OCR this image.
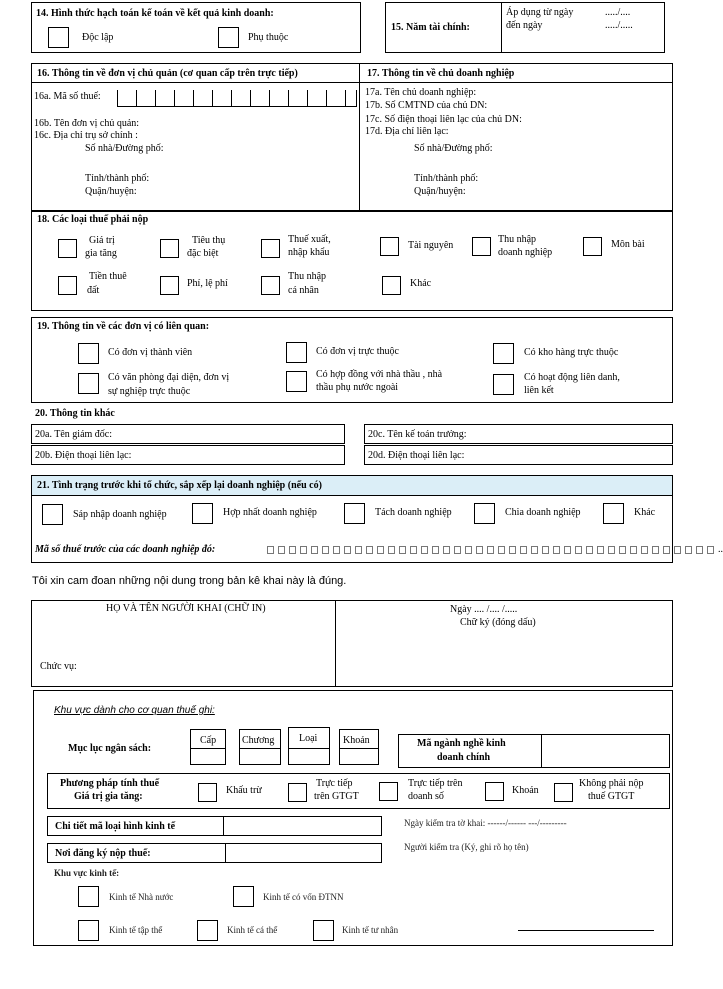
14. Hình thức hạch toán kế toán về kết quả kinh doanh:
Độc lập	Phụ thuộc
15. Năm tài chính:
Áp dụng từ ngày	...../....
đến ngày	...../.....
16. Thông tin về đơn vị chủ quản (cơ quan cấp trên trực tiếp)	17. Thông tin về chủ doanh nghiệp
16a. Mã số thuế:
16b. Tên đơn vị chủ quản:
16c. Địa chỉ trụ sở chính :
Số nhà/Đường phố:
Tỉnh/thành phố:
Quận/huyện:
17a. Tên chủ doanh nghiệp:
17b. Số CMTND của chủ DN:
17c. Số điện thoại liên lạc của chủ DN:
17d. Địa chỉ liên lạc:
Số nhà/Đường phố:
Tỉnh/thành phố:
Quận/huyện:
18. Các loại thuế phải nộp
Giá trị
gia tăng
Tiêu thụ
đặc biệt
Thuế xuất,
nhập khẩu
Tài nguyên
Thu nhập
doanh nghiệp
Môn bài
Tiền thuê
đất
Phí, lệ phí
Thu nhập
cá nhân
Khác
19. Thông tin về các đơn vị có liên quan:
Có đơn vị thành viên	Có đơn vị trực thuộc	Có kho hàng trực thuộc
Có văn phòng đại diện, đơn vị
sự nghiệp trực thuộc
Có hợp đồng với nhà thầu , nhà
thầu phụ nước ngoài
Có hoạt động liên danh,
liên kết
20. Thông tin khác
20a. Tên giám đốc:
20b. Điện thoại liên lạc:
20c. Tên kế toán trưởng:
20d. Điện thoại liên lạc:
21. Tình trạng trước khi tổ chức, sắp xếp lại doanh nghiệp (nếu có)
Sáp nhập doanh nghiệp	Hợp nhất doanh nghiệp	Tách doanh nghiệp	Chia doanh nghiệp	Khác
Mã số thuế trước của các doanh nghiệp đó:	..
Tôi xin cam đoan những nội dung trong bản kê khai này là đúng.
HỌ VÀ TÊN NGƯỜI KHAI (CHỮ IN)
Chức vụ:
Ngày .... /.... /.....
Chữ ký (đóng dấu)
Khu vực dành cho cơ quan thuế ghi:
Mục lục ngân sách:
Cấp	Chương Loại	Khoản	Mã ngành nghề kinh
doanh chính
Phương pháp tính thuế
Giá trị gia tăng:
Khấu trừ
Trực tiếp
trên GTGT
Trực tiếp trên
doanh số
Khoán
Không phải nộp
thuế GTGT
Chi tiết mã loại hình kinh tế
Nơi đăng ký nộp thuế:
Ngày kiểm tra tờ khai: ------/------ ---/---------
Người kiểm tra (Ký, ghi rõ họ tên)
Khu vực kinh tế:
Kinh tế Nhà nước	Kinh tế có vốn ĐTNN
Kinh tế tập thể	Kinh tế cá thể	Kinh tế tư nhân
